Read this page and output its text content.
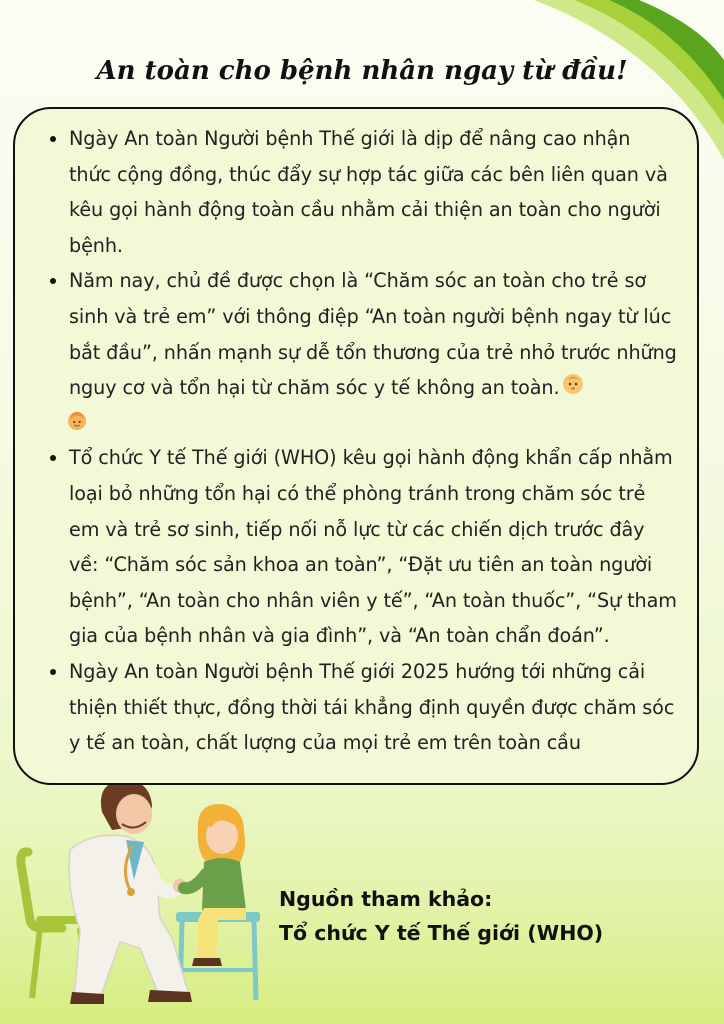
An toàn cho bệnh nhân ngay từ đầu!
• Ngày An toàn Người bệnh Thế giới là dịp để nâng cao nhận thức cộng đồng, thúc đẩy sự hợp tác giữa các bên liên quan và kêu gọi hành động toàn cầu nhằm cải thiện an toàn cho người bệnh.
• Năm nay, chủ đề được chọn là “Chăm sóc an toàn cho trẻ sơ sinh và trẻ em” với thông điệp “An toàn người bệnh ngay từ lúc bắt đầu”, nhấn mạnh sự dễ tổn thương của trẻ nhỏ trước những nguy cơ và tổn hại từ chăm sóc y tế không an toàn.
• Tổ chức Y tế Thế giới (WHO) kêu gọi hành động khẩn cấp nhằm loại bỏ những tổn hại có thể phòng tránh trong chăm sóc trẻ em và trẻ sơ sinh, tiếp nối nỗ lực từ các chiến dịch trước đây về: “Chăm sóc sản khoa an toàn”, “Đặt ưu tiên an toàn người bệnh”, “An toàn cho nhân viên y tế”, “An toàn thuốc”, “Sự tham gia của bệnh nhân và gia đình”, và “An toàn chẩn đoán”.
• Ngày An toàn Người bệnh Thế giới 2025 hướng tới những cải thiện thiết thực, đồng thời tái khẳng định quyền được chăm sóc y tế an toàn, chất lượng của mọi trẻ em trên toàn cầu
Nguồn tham khảo:
Tổ chức Y tế Thế giới (WHO)
